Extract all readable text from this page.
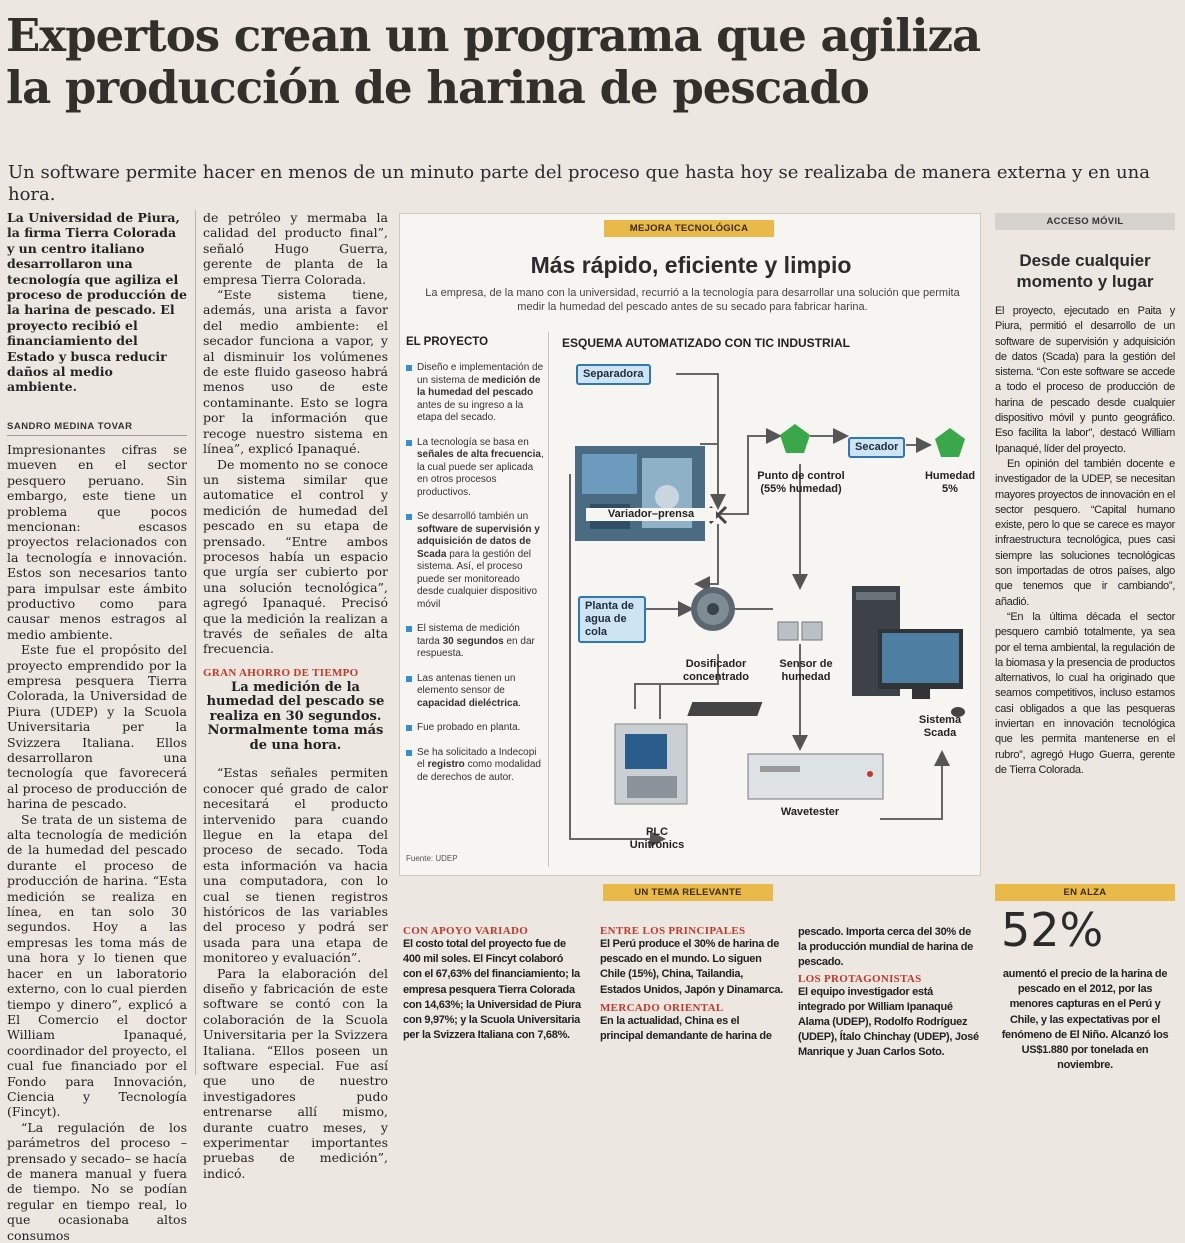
Expertos crean un programa que agiliza
la producción de harina de pescado
Un software permite hacer en menos de un minuto parte del proceso que hasta hoy se realizaba de manera externa y en una hora.
La Universidad de Piura, la firma Tierra Colorada y un centro italiano desarrollaron una tecnología que agiliza el proceso de producción de la harina de pescado. El proyecto recibió el financiamiento del Estado y busca reducir daños al medio ambiente.
SANDRO MEDINA TOVAR

Impresionantes cifras se mueven en el sector pesquero peruano. Sin embargo, este tiene un problema que pocos mencionan: escasos proyectos relacionados con la tecnología e innovación. Estos son necesarios tanto para impulsar este ámbito productivo como para causar menos estragos al medio ambiente.

Este fue el propósito del proyecto emprendido por la empresa pesquera Tierra Colorada, la Universidad de Piura (UDEP) y la Scuola Universitaria per la Svizzera Italiana. Ellos desarrollaron una tecnología que favorecerá al proceso de producción de harina de pescado.

Se trata de un sistema de alta tecnología de medición de la humedad del pescado durante el proceso de producción de harina. “Esta medición se realiza en línea, en tan solo 30 segundos. Hoy a las empresas les toma más de una hora y lo tienen que hacer en un laboratorio externo, con lo cual pierden tiempo y dinero”, explicó a El Comercio el doctor William Ipanaqué, coordinador del proyecto, el cual fue financiado por el Fondo para Innovación, Ciencia y Tecnología (Fincyt).

“La regulación de los parámetros del proceso –prensado y secado– se hacía de manera manual y fuera de tiempo. No se podían regular en tiempo real, lo que ocasionaba altos consumos

de petróleo y mermaba la calidad del producto final”, señaló Hugo Guerra, gerente de planta de la empresa Tierra Colorada.

“Este sistema tiene, además, una arista a favor del medio ambiente: el secador funciona a vapor, y al disminuir los volúmenes de este fluido gaseoso habrá menos uso de este contaminante. Esto se logra por la información que recoge nuestro sistema en línea”, explicó Ipanaqué.

De momento no se conoce un sistema similar que automatice el control y medición de humedad del pescado en su etapa de prensado. “Entre ambos procesos había un espacio que urgía ser cubierto por una solución tecnológica”, agregó Ipanaqué. Precisó que la medición la realizan a través de señales de alta frecuencia.

GRAN AHORRO DE TIEMPO
La medición de la humedad del pescado se realiza en 30 segundos. Normalmente toma más de una hora.

“Estas señales permiten conocer qué grado de calor necesitará el producto intervenido para cuando llegue en la etapa del proceso de secado. Toda esta información va hacia una computadora, con lo cual se tienen registros históricos de las variables del proceso y podrá ser usada para una etapa de monitoreo y evaluación”.

Para la elaboración del diseño y fabricación de este software se contó con la colaboración de la Scuola Universitaria per la Svizzera Italiana. “Ellos poseen un software especial. Fue así que uno de nuestro investigadores pudo entrenarse allí mismo, durante cuatro meses, y experimentar importantes pruebas de medición”, indicó.

MEJORA TECNOLÓGICA
Más rápido, eficiente y limpio
La empresa, de la mano con la universidad, recurrió a la tecnología para desarrollar una solución que permita medir la humedad del pescado antes de su secado para fabricar harina.
EL PROYECTO
Diseño e implementación de un sistema de medición de la humedad del pescado antes de su ingreso a la etapa del secado.
La tecnología se basa en señales de alta frecuencia, la cual puede ser aplicada en otros procesos productivos.
Se desarrolló también un software de supervisión y adquisición de datos de Scada para la gestión del sistema. Así, el proceso puede ser monitoreado desde cualquier dispositivo móvil
El sistema de medición tarda 30 segundos en dar respuesta.
Las antenas tienen un elemento sensor de capacidad dieléctrica.
Fue probado en planta.
Se ha solicitado a Indecopi el registro como modalidad de derechos de autor.
Fuente: UDEP
ESQUEMA AUTOMATIZADO CON TIC INDUSTRIAL
Separadora
Variador–prensa
Punto de control (55% humedad)
Secador
Humedad 5%
Planta de agua de cola
Dosificador concentrado
Sensor de humedad
Sistema Scada
PLC Unitronics
Wavetester
ACCESO MÓVIL
Desde cualquier momento y lugar

El proyecto, ejecutado en Paita y Piura, permitió el desarrollo de un software de supervisión y adquisición de datos (Scada) para la gestión del sistema. “Con este software se accede a todo el proceso de producción de harina de pescado desde cualquier dispositivo móvil y punto geográfico. Eso facilita la labor”, destacó William Ipanaqué, líder del proyecto.

En opinión del también docente e investigador de la UDEP, se necesitan mayores proyectos de innovación en el sector pesquero. “Capital humano existe, pero lo que se carece es mayor infraestructura tecnológica, pues casi siempre las soluciones tecnológicas son importadas de otros países, algo que tenemos que ir cambiando”, añadió.

“En la última década el sector pesquero cambió totalmente, ya sea por el tema ambiental, la regulación de la biomasa y la presencia de productos alternativos, lo cual ha originado que seamos competitivos, incluso estamos casi obligados a que las pesqueras inviertan en innovación tecnológica que les permita mantenerse en el rubro”, agregó Hugo Guerra, gerente de Tierra Colorada.

UN TEMA RELEVANTE
CON APOYO VARIADO
El costo total del proyecto fue de 400 mil soles. El Fincyt colaboró con el 67,63% del financiamiento; la empresa pesquera Tierra Colorada con 14,63%; la Universidad de Piura con 9,97%; y la Scuola Universitaria per la Svizzera Italiana con 7,68%.
ENTRE LOS PRINCIPALES
El Perú produce el 30% de harina de pescado en el mundo. Lo siguen Chile (15%), China, Tailandia, Estados Unidos, Japón y Dinamarca.
MERCADO ORIENTAL
En la actualidad, China es el principal demandante de harina de
pescado. Importa cerca del 30% de la producción mundial de harina de pescado.
LOS PROTAGONISTAS
El equipo investigador está integrado por William Ipanaqué Alama (UDEP), Rodolfo Rodríguez (UDEP), Ítalo Chinchay (UDEP), José Manrique y Juan Carlos Soto.
EN ALZA
52%
aumentó el precio de la harina de pescado en el 2012, por las menores capturas en el Perú y Chile, y las expectativas por el fenómeno de El Niño. Alcanzó los US$1.880 por tonelada en noviembre.
